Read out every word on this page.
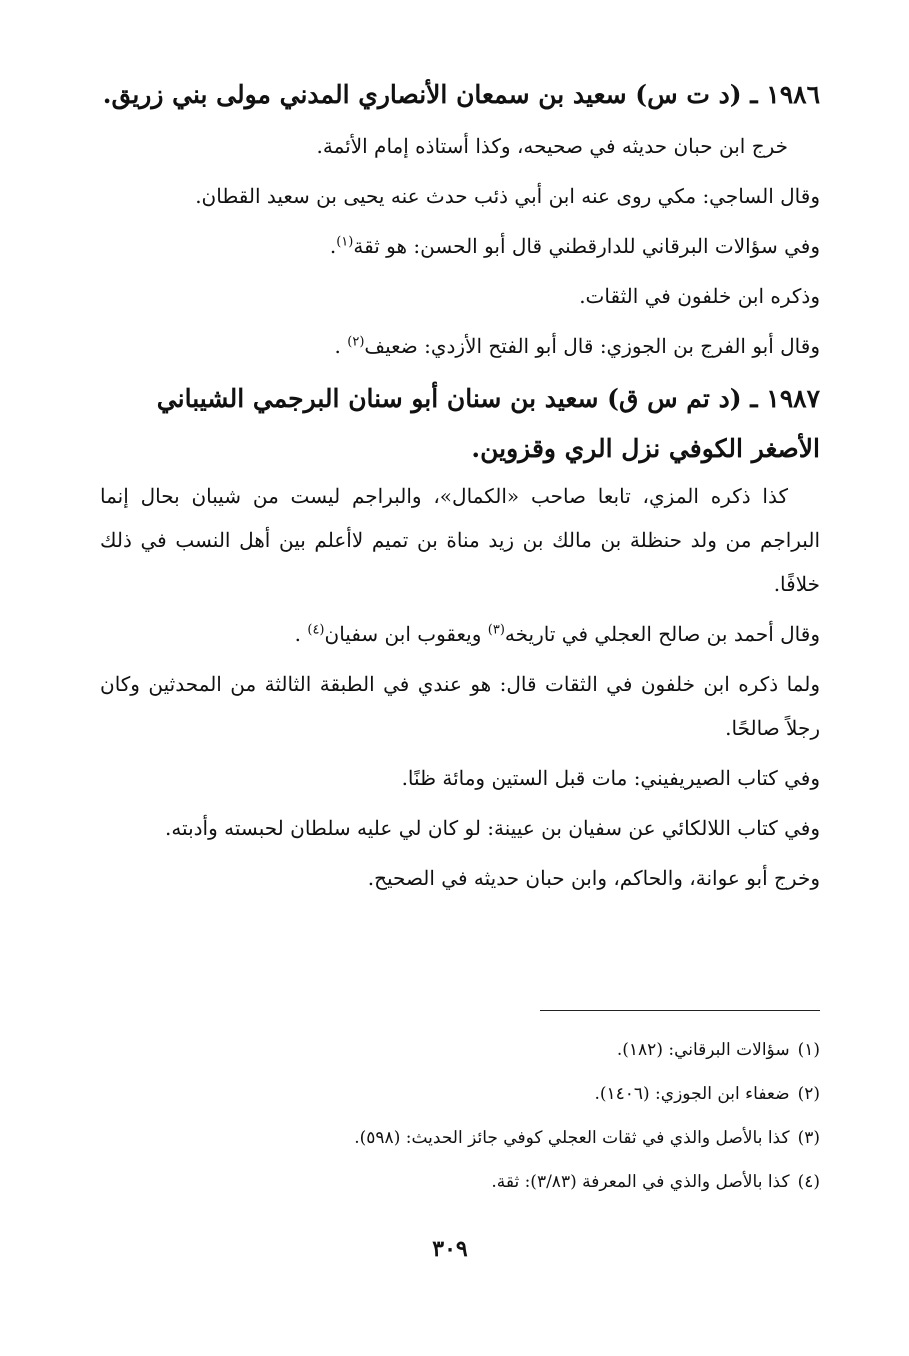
١٩٨٦ ـ (د ت س) سعيد بن سمعان الأنصاري المدني مولى بني زريق.

خرج ابن حبان حديثه في صحيحه، وكذا أستاذه إمام الأئمة.

وقال الساجي: مكي روى عنه ابن أبي ذئب حدث عنه يحيى بن سعيد القطان.

وفي سؤالات البرقاني للدارقطني قال أبو الحسن: هو ثقة$^{(١)}$.

وذكره ابن خلفون في الثقات.

وقال أبو الفرج بن الجوزي: قال أبو الفتح الأزدي: ضعيف$^{(٢)}$ .

١٩٨٧ ـ (د تم س ق) سعيد بن سنان أبو سنان البرجمي الشيباني الأصغر الكوفي نزل الري وقزوين.

كذا ذكره المزي، تابعا صاحب «الكمال»، والبراجم ليست من شيبان بحال إنما البراجم من ولد حنظلة بن مالك بن زيد مناة بن تميم لاأعلم بين أهل النسب في ذلك خلافًا.

وقال أحمد بن صالح العجلي في تاريخه$^{(٣)}$ ويعقوب ابن سفيان$^{(٤)}$ .

ولما ذكره ابن خلفون في الثقات قال: هو عندي في الطبقة الثالثة من المحدثين وكان رجلاً صالحًا.

وفي كتاب الصيريفيني: مات قبل الستين ومائة ظنًا.

وفي كتاب اللالكائي عن سفيان بن عيينة: لو كان لي عليه سلطان لحبسته وأدبته.

وخرج أبو عوانة، والحاكم، وابن حبان حديثه في الصحيح.

(١)سؤالات البرقاني: (١٨٢).

(٢)ضعفاء ابن الجوزي: (١٤٠٦).

(٣)كذا بالأصل والذي في ثقات العجلي كوفي جائز الحديث: (٥٩٨).

(٤)كذا بالأصل والذي في المعرفة (٣/٨٣): ثقة.

٣٠٩
